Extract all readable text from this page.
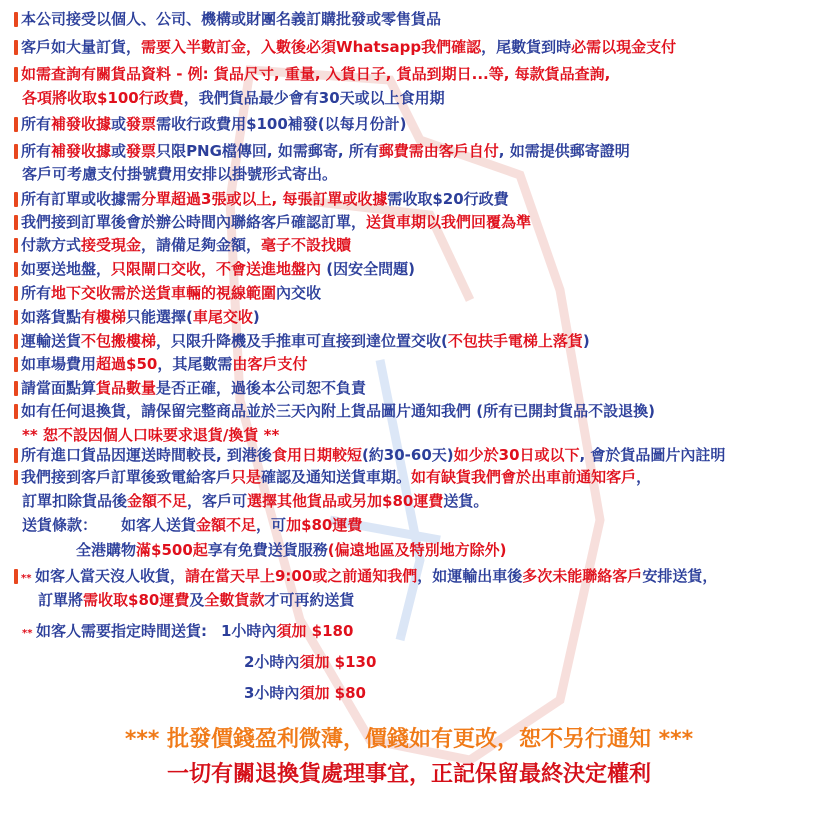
本公司接受以個人、公司、機構或財團名義訂購批發或零售貨品
客戶如大量訂貨，需要入半數訂金，入數後必須Whatsapp我們確認，尾數貨到時必需以現金支付
如需查詢有關貨品資料 - 例: 貨品尺寸, 重量, 入貨日子, 貨品到期日...等, 每款貨品查詢,
各項將收取$100行政費，我們貨品最少會有30天或以上食用期
所有補發收據或發票需收行政費用$100補發(以每月份計)
所有補發收據或發票只限PNG檔傳回, 如需郵寄, 所有郵費需由客戶自付, 如需提供郵寄證明
客戶可考慮支付掛號費用安排以掛號形式寄出。
所有訂單或收據需分單超過3張或以上, 每張訂單或收據需收取$20行政費
我們接到訂單後會於辦公時間內聯絡客戶確認訂單，送貨車期以我們回覆為準
付款方式接受現金，請備足夠金額，毫子不設找贖
如要送地盤，只限閘口交收，不會送進地盤內 (因安全問題)
所有地下交收需於送貨車輛的視線範圍內交收
如落貨點有樓梯只能選擇(車尾交收)
運輸送貨不包搬樓梯，只限升降機及手推車可直接到達位置交收(不包扶手電梯上落貨)
如車場費用超過$50，其尾數需由客戶支付
請當面點算貨品數量是否正確，過後本公司恕不負責
如有任何退換貨，請保留完整商品並於三天內附上貨品圖片通知我們 (所有已開封貨品不設退換)
** 恕不設因個人口味要求退貨/換貨 **
所有進口貨品因運送時間較長, 到港後食用日期較短(約30-60天)如少於30日或以下, 會於貨品圖片內註明
我們接到客戶訂單後致電給客戶只是確認及通知送貨車期。如有缺貨我們會於出車前通知客戶，
訂單扣除貨品後金額不足，客戶可選擇其他貨品或另加$80運費送貨。
送貨條款： 如客人送貨金額不足，可加$80運費
全港購物滿$500起享有免費送貨服務(偏遠地區及特別地方除外)
** 如客人當天沒人收貨，請在當天早上9:00或之前通知我們，如運輸出車後多次未能聯絡客戶安排送貨，
訂單將需收取$80運費及全數貨款才可再約送貨
** 如客人需要指定時間送貨: 1小時內須加 $180
2小時內須加 $130
3小時內須加 $80
*** 批發價錢盈利微薄，價錢如有更改，恕不另行通知 ***
一切有關退換貨處理事宜，正記保留最終決定權利
